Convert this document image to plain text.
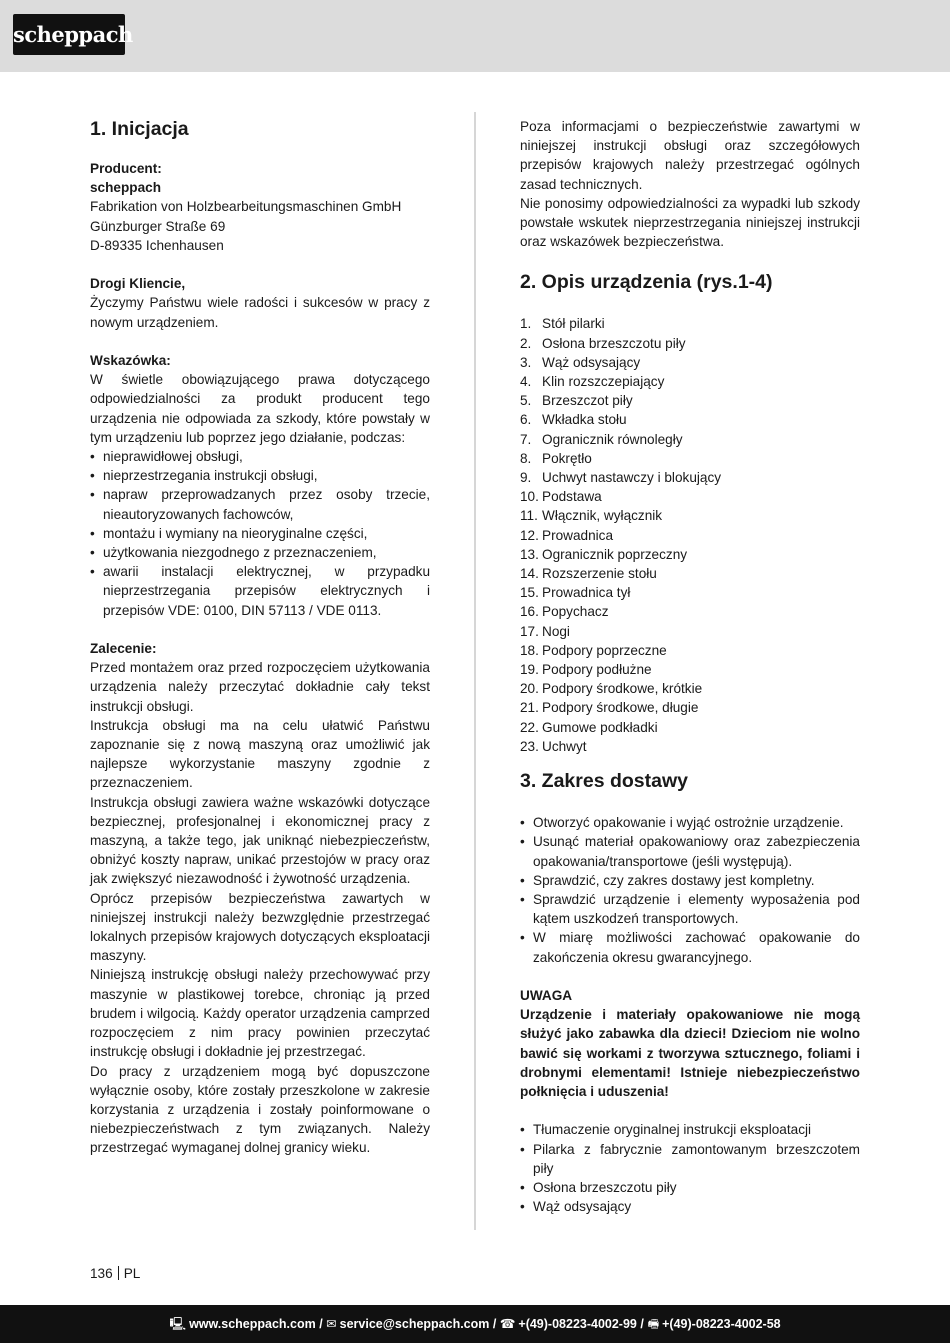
scheppach
1. Inicjacja

Producent:

scheppach

Fabrikation von Holzbearbeitungsmaschinen GmbH

Günzburger Straße 69

D-89335 Ichenhausen

Drogi Kliencie,

Życzymy Państwu wiele radości i sukcesów w pracy z nowym urządzeniem.

Wskazówka:

W świetle obowiązującego prawa dotyczącego odpowiedzialności za produkt producent tego urządzenia nie odpowiada za szkody, które powstały w tym urządzeniu lub poprzez jego działanie, podczas:

• nieprawidłowej obsługi,
• nieprzestrzegania instrukcji obsługi,
• napraw przeprowadzanych przez osoby trzecie, nieautoryzowanych fachowców,
• montażu i wymiany na nieoryginalne części,
• użytkowania niezgodnego z przeznaczeniem,
• awarii instalacji elektrycznej, w przypadku nieprzestrzegania przepisów elektrycznych i przepisów VDE: 0100, DIN 57113 / VDE 0113.

Zalecenie:

Przed montażem oraz przed rozpoczęciem użytkowania urządzenia należy przeczytać dokładnie cały tekst instrukcji obsługi.

Instrukcja obsługi ma na celu ułatwić Państwu zapoznanie się z nową maszyną oraz umożliwić jak najlepsze wykorzystanie maszyny zgodnie z przeznaczeniem.

Instrukcja obsługi zawiera ważne wskazówki dotyczące bezpiecznej, profesjonalnej i ekonomicznej pracy z maszyną, a także tego, jak uniknąć niebezpieczeństw, obniżyć koszty napraw, unikać przestojów w pracy oraz jak zwiększyć niezawodność i żywotność urządzenia.

Oprócz przepisów bezpieczeństwa zawartych w niniejszej instrukcji należy bezwzględnie przestrzegać lokalnych przepisów krajowych dotyczących eksploatacji maszyny.

Niniejszą instrukcję obsługi należy przechowywać przy maszynie w plastikowej torebce, chroniąc ją przed brudem i wilgocią. Każdy operator urządzenia camprzed rozpoczęciem z nim pracy powinien przeczytać instrukcję obsługi i dokładnie jej przestrzegać.

Do pracy z urządzeniem mogą być dopuszczone wyłącznie osoby, które zostały przeszkolone w zakresie korzystania z urządzenia i zostały poinformowane o niebezpieczeństwach z tym związanych. Należy przestrzegać wymaganej dolnej granicy wieku.

Poza informacjami o bezpieczeństwie zawartymi w niniejszej instrukcji obsługi oraz szczegółowych przepisów krajowych należy przestrzegać ogólnych zasad technicznych.

Nie ponosimy odpowiedzialności za wypadki lub szkody powstałe wskutek nieprzestrzegania niniejszej instrukcji oraz wskazówek bezpieczeństwa.

2. Opis urządzenia (rys.1-4)
1. Stół pilarki
2. Osłona brzeszczotu piły
3. Wąż odsysający
4. Klin rozszczepiający
5. Brzeszczot piły
6. Wkładka stołu
7. Ogranicznik równoległy
8. Pokrętło
9. Uchwyt nastawczy i blokujący
10. Podstawa
11. Włącznik, wyłącznik
12. Prowadnica
13. Ogranicznik poprzeczny
14. Rozszerzenie stołu
15. Prowadnica tył
16. Popychacz
17. Nogi
18. Podpory poprzeczne
19. Podpory podłużne
20. Podpory środkowe, krótkie
21. Podpory środkowe, długie
22. Gumowe podkładki
23. Uchwyt
3. Zakres dostawy
• Otworzyć opakowanie i wyjąć ostrożnie urządzenie.
• Usunąć materiał opakowaniowy oraz zabezpieczenia opakowania/transportowe (jeśli występują).
• Sprawdzić, czy zakres dostawy jest kompletny.
• Sprawdzić urządzenie i elementy wyposażenia pod kątem uszkodzeń transportowych.
• W miarę możliwości zachować opakowanie do zakończenia okresu gwarancyjnego.

UWAGA

Urządzenie i materiały opakowaniowe nie mogą służyć jako zabawka dla dzieci! Dzieciom nie wolno bawić się workami z tworzywa sztucznego, foliami i drobnymi elementami! Istnieje niebezpieczeństwo połknięcia i uduszenia!

• Tłumaczenie oryginalnej instrukcji eksploatacji
• Pilarka z fabrycznie zamontowanym brzeszczotem piły
• Osłona brzeszczotu piły
• Wąż odsysający
136 PL
🖳 www.scheppach.com / ✉ service@scheppach.com / ☎ +(49)-08223-4002-99 / 🖷 +(49)-08223-4002-58
